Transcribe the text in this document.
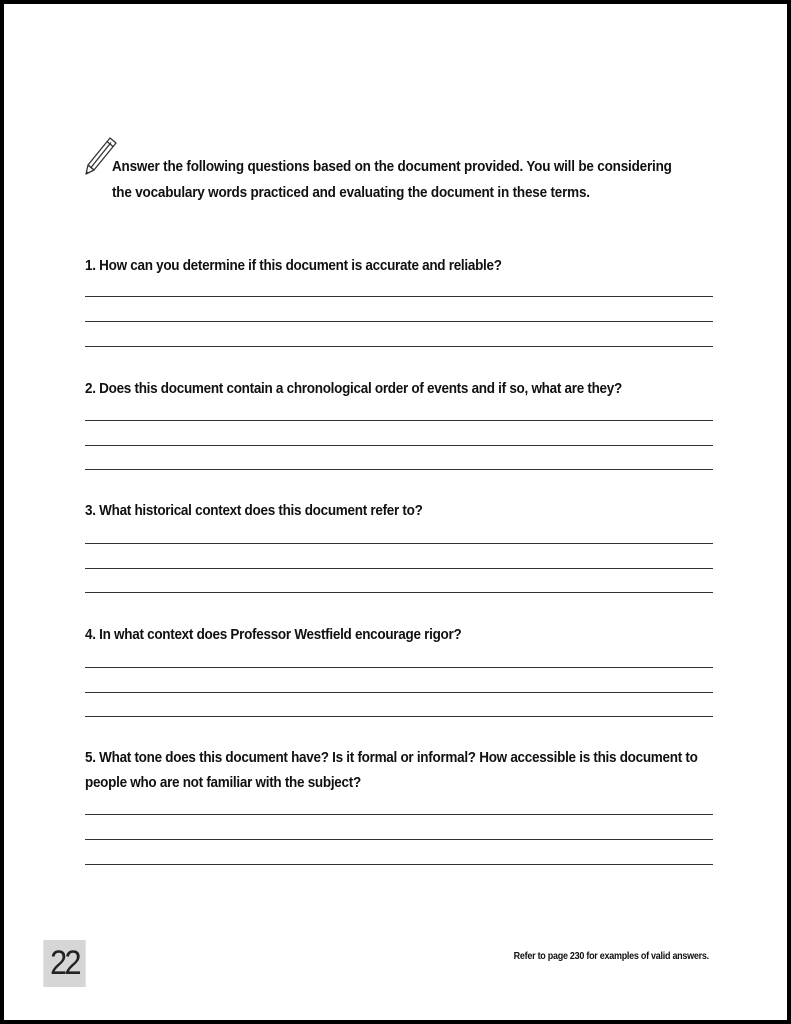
Answer the following questions based on the document provided. You will be considering the vocabulary words practiced and evaluating the document in these terms.
1. How can you determine if this document is accurate and reliable?
2. Does this document contain a chronological order of events and if so, what are they?
3. What historical context does this document refer to?
4. In what context does Professor Westfield encourage rigor?
5. What tone does this document have? Is it formal or informal? How accessible is this document to people who are not familiar with the subject?
22	Refer to page 230 for examples of valid answers.
